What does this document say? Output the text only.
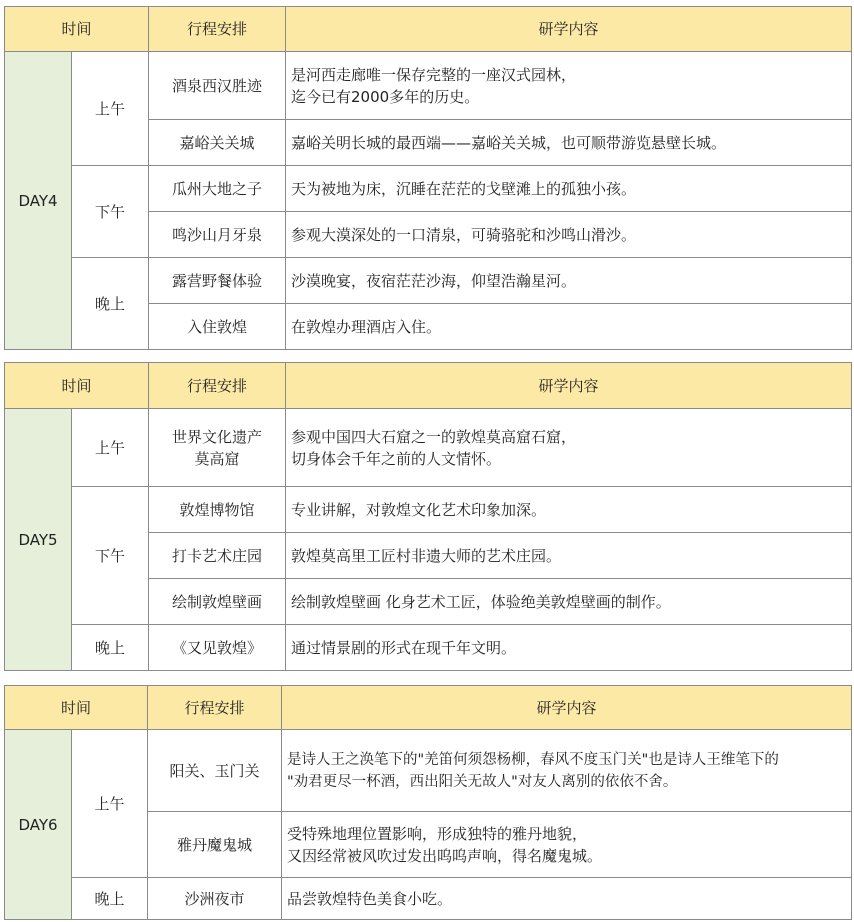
时间		行程安排	研学内容
DAY4	上午	酒泉西汉胜迹	是河西走廊唯一保存完整的一座汉式园林，
迄今已有2000多年的历史。

		嘉峪关关城	嘉峪关明长城的最西端——嘉峪关关城，也可顺带游览悬壁长城。

	下午	瓜州大地之子	天为被地为床，沉睡在茫茫的戈壁滩上的孤独小孩。

		鸣沙山月牙泉	参观大漠深处的一口清泉，可骑骆驼和沙鸣山滑沙。

	晚上	露营野餐体验	沙漠晚宴，夜宿茫茫沙海，仰望浩瀚星河。

		入住敦煌	在敦煌办理酒店入住。
时间		行程安排	研学内容
DAY5	上午	世界文化遗产
莫高窟	参观中国四大石窟之一的敦煌莫高窟石窟，
切身体会千年之前的人文情怀。

	下午	敦煌博物馆	专业讲解，对敦煌文化艺术印象加深。

		打卡艺术庄园	敦煌莫高里工匠村非遗大师的艺术庄园。

		绘制敦煌壁画	绘制敦煌壁画 化身艺术工匠，体验绝美敦煌壁画的制作。

	晚上	《又见敦煌》	通过情景剧的形式在现千年文明。
时间		行程安排	研学内容
DAY6	上午	阳关、玉门关	是诗人王之涣笔下的"羌笛何须怨杨柳，春风不度玉门关"也是诗人王维笔下的
"劝君更尽一杯酒，西出阳关无故人"对友人离别的依依不舍。

		雅丹魔鬼城	受特殊地理位置影响，形成独特的雅丹地貌，
又因经常被风吹过发出呜呜声响，得名魔鬼城。

	晚上	沙洲夜市	品尝敦煌特色美食小吃。
